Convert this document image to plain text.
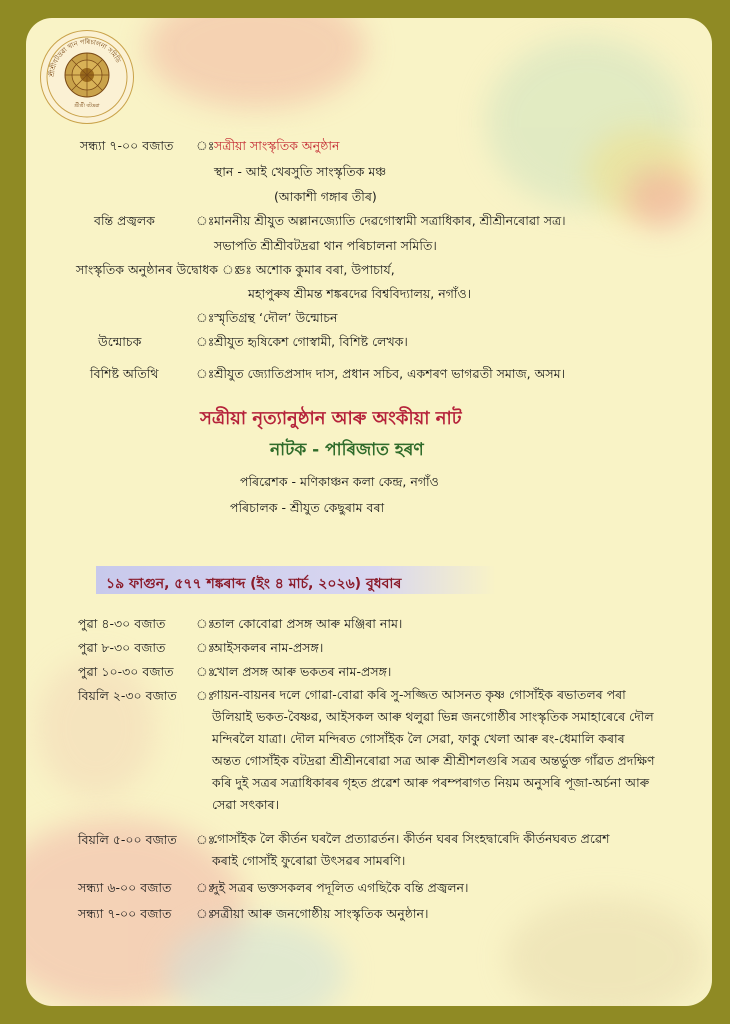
শ্ৰীশ্ৰীবটদ্ৰৱা থান পৰিচালনা সমিতি
শ্ৰীশ্ৰী বটদ্ৰৱা
সন্ধ্যা ৭-০০ বজাত ঃ সত্ৰীয়া সাংস্কৃতিক অনুষ্ঠান
স্থান - আই খেৰসুতি সাংস্কৃতিক মঞ্চ
(আকাশী গঙ্গাৰ তীৰ)
বন্তি প্ৰজ্বলক	ঃ মাননীয় শ্ৰীযুত অল্লানজ্যোতি দেৱগোস্বামী সত্ৰাধিকাৰ, শ্ৰীশ্ৰীনৰোৱা সত্ৰ।
সভাপতি শ্ৰীশ্ৰীবটদ্ৰৱা থান পৰিচালনা সমিতি।
সাংস্কৃতিক অনুষ্ঠানৰ উদ্বোধক ঃ
ডঃ অশোক কুমাৰ বৰা, উপাচাৰ্য,
মহাপুৰুষ শ্ৰীমন্ত শঙ্কৰদেৱ বিশ্ববিদ্যালয়, নগাঁও।
ঃ স্মৃতিগ্ৰন্থ ‘দৌল’ উন্মোচন
উন্মোচক	ঃ শ্ৰীযুত হৃষিকেশ গোস্বামী, বিশিষ্ট লেখক।
বিশিষ্ট অতিথি	ঃ শ্ৰীযুত জ্যোতিপ্ৰসাদ দাস, প্ৰধান সচিব, একশৰণ ভাগৱতী সমাজ, অসম।
সত্ৰীয়া নৃত্যানুষ্ঠান আৰু অংকীয়া নাট
নাটক - পাৰিজাত হৰণ
পৰিৱেশক - মণিকাঞ্চন কলা কেন্দ্ৰ, নগাঁও
পৰিচালক - শ্ৰীযুত কেছুৰাম বৰা
১৯ ফাগুন, ৫৭৭ শঙ্কৰাব্দ (ইং ৪ মাৰ্চ, ২০২৬) বুধবাৰ
পুৱা ৪-৩০ বজাত ঃ
তাল কোবোৱা প্ৰসঙ্গ আৰু মঞ্জিৰা নাম।
পুৱা ৮-৩০ বজাত ঃ
আইসকলৰ নাম-প্ৰসঙ্গ।
পুৱা ১০-৩০ বজাত ঃ
খোল প্ৰসঙ্গ আৰু ভকতৰ নাম-প্ৰসঙ্গ।
বিয়লি ২-৩০ বজাত ঃ
গায়ন-বায়নৰ দলে গোৱা-বোৱা কৰি সু-সজ্জিত আসনত কৃষ্ণ গোসাঁইক ৰভাতলৰ পৰা
উলিয়াই ভকত-বৈষ্ণৱ, আইসকল আৰু থলুৱা ভিন্ন জনগোষ্ঠীৰ সাংস্কৃতিক সমাহাৰেৰে দৌল
মন্দিৰলৈ যাত্ৰা। দৌল মন্দিৰত গোসাঁইক লৈ সেৱা, ফাকু খেলা আৰু ৰং-ধেমালি কৰাৰ
অন্তত গোসাঁইক বটদ্ৰৱা শ্ৰীশ্ৰীনৰোৱা সত্ৰ আৰু শ্ৰীশ্ৰীশলগুৰি সত্ৰৰ অন্তৰ্ভুক্ত গাঁৱত প্ৰদক্ষিণ
কৰি দুই সত্ৰৰ সত্ৰাধিকাৰৰ গৃহত প্ৰৱেশ আৰু পৰম্পৰাগত নিয়ম অনুসৰি পূজা-অৰ্চনা আৰু
সেৱা সৎকাৰ।
বিয়লি ৫-০০ বজাত ঃ
গোসাঁইক লৈ কীৰ্তন ঘৰলৈ প্ৰত্যাৱৰ্তন। কীৰ্তন ঘৰৰ সিংহদ্বাৰেদি কীৰ্তনঘৰত প্ৰৱেশ
কৰাই গোসাঁই ফুৰোৱা উৎসৱৰ সামৰণি।
সন্ধ্যা ৬-০০ বজাত ঃ
দুই সত্ৰৰ ভক্তসকলৰ পদূলিত এগছিকৈ বন্তি প্ৰজ্বলন।
সন্ধ্যা ৭-০০ বজাত ঃ
সত্ৰীয়া আৰু জনগোষ্ঠীয় সাংস্কৃতিক অনুষ্ঠান।
